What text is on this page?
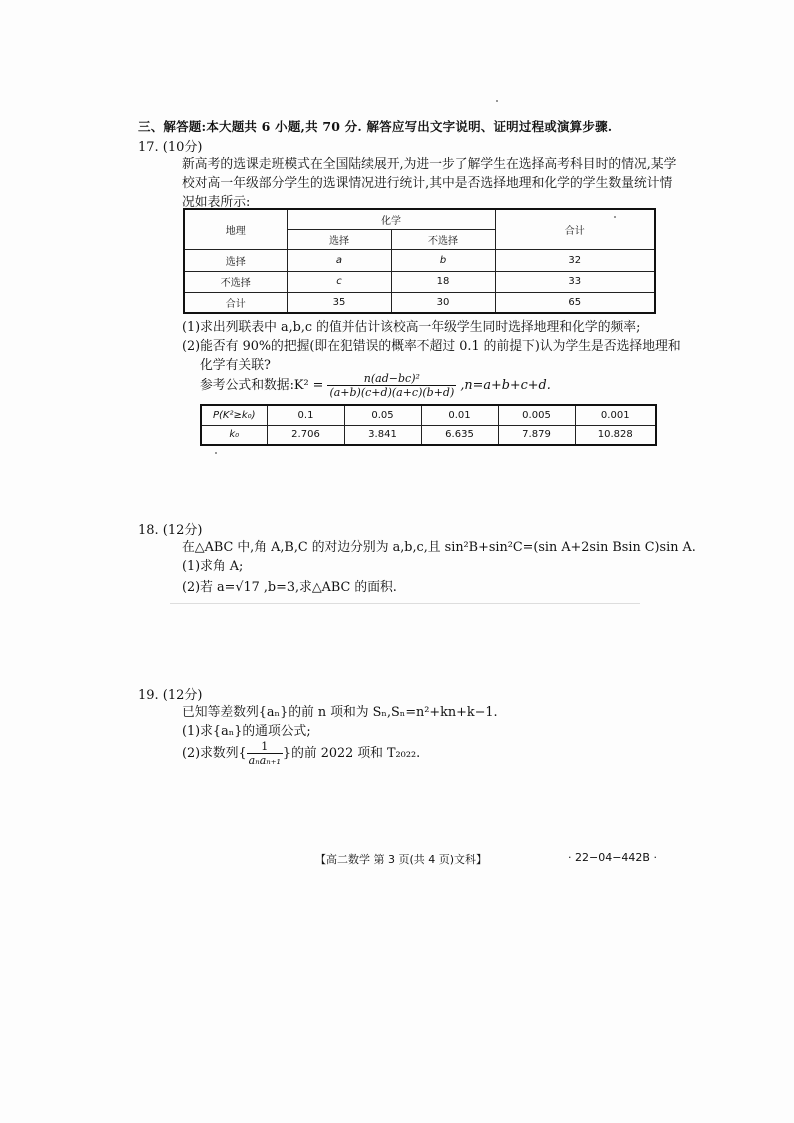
三、解答题:本大题共 6 小题,共 70 分. 解答应写出文字说明、证明过程或演算步骤.
17. (10分)
新高考的选课走班模式在全国陆续展开,为进一步了解学生在选择高考科目时的情况,某学
校对高一年级部分学生的选课情况进行统计,其中是否选择地理和化学的学生数量统计情
况如表所示:
地理	化学		合计
	选择	不选择	
选择	a	b	32
不选择	c	18	33
合计	35	30	65
(1)求出列联表中 a,b,c 的值并估计该校高一年级学生同时选择地理和化学的频率;
(2)能否有 90%的把握(即在犯错误的概率不超过 0.1 的前提下)认为学生是否选择地理和
化学有关联?
参考公式和数据:K² = $\frac{\text{n(ad−bc)²}}{(a+b)(c+d)(a+c)(b+d)} ,n=a+b+c+d$.
P(K²≥k₀)	0.1	0.05	0.01	0.005	0.001
k₀	2.706	3.841	6.635	7.879	10.828
18. (12分)
在△ABC 中,角 A,B,C 的对边分别为 a,b,c,且 sin²B+sin²C=(sin A+2sin Bsin C)sin A.
(1)求角 A;
(2)若 a=√17 ,b=3,求△ABC 的面积.
19. (12分)
已知等差数列{aₙ}的前 n 项和为 Sₙ,Sₙ=n²+kn+k−1.
(1)求{aₙ}的通项公式;
(2)求数列{ $\frac{1}{\text{aₙaₙ₊₁}}$ }的前 2022 项和 T₂₀₂₂.
【高二数学 第 3 页(共 4 页)文科】	· 22−04−442B ·
